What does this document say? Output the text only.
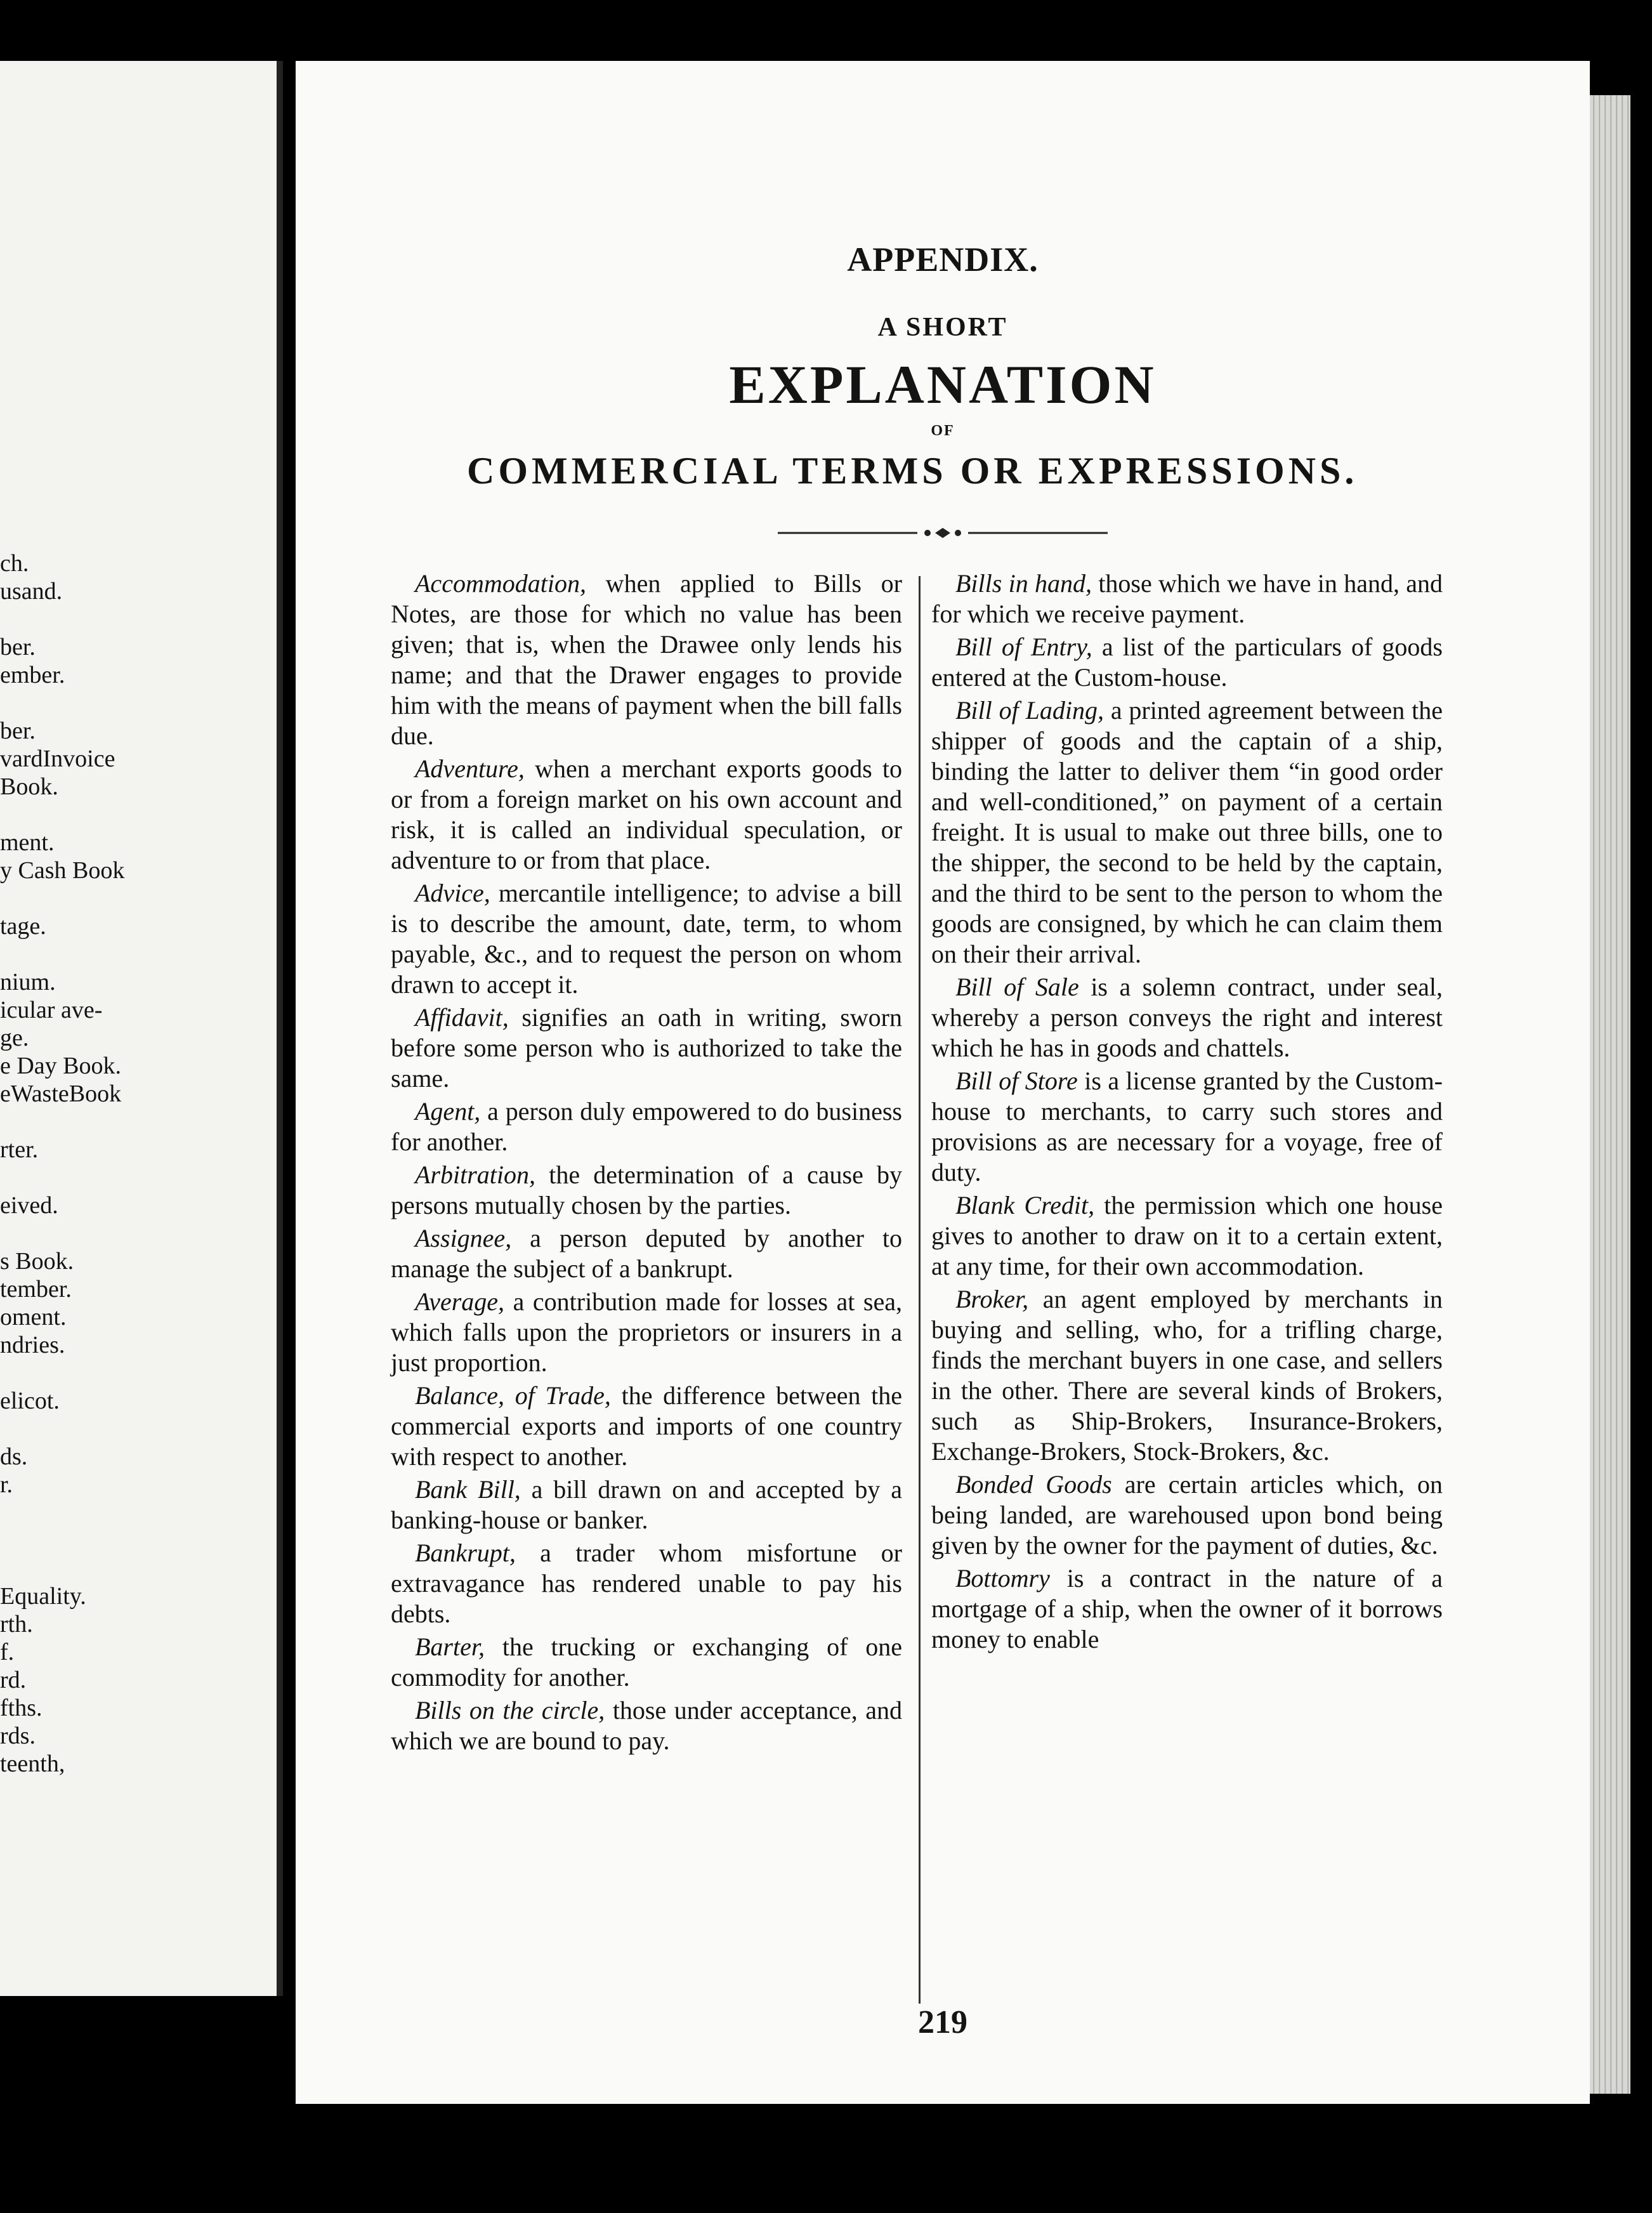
ch.
usand.
ber.
ember.
ber.
vardInvoice
Book.
ment.
y Cash Book
tage.
nium.
icular ave-
ge.
e Day Book.
eWasteBook
rter.
eived.
s Book.
tember.
oment.
ndries.
elicot.
ds.
r.
Equality.
rth.
f.
rd.
fths.
rds.
teenth,
APPENDIX.
A SHORT
EXPLANATION
OF
COMMERCIAL TERMS OR EXPRESSIONS.

Accommodation, when applied to Bills or Notes, are those for which no value has been given; that is, when the Drawee only lends his name; and that the Drawer engages to provide him with the means of payment when the bill falls due.

Adventure, when a merchant exports goods to or from a foreign market on his own account and risk, it is called an individual speculation, or adventure to or from that place.

Advice, mercantile intelligence; to advise a bill is to describe the amount, date, term, to whom payable, &c., and to request the person on whom drawn to accept it.

Affidavit, signifies an oath in writing, sworn before some person who is authorized to take the same.

Agent, a person duly empowered to do business for another.

Arbitration, the determination of a cause by persons mutually chosen by the parties.

Assignee, a person deputed by another to manage the subject of a bankrupt.

Average, a contribution made for losses at sea, which falls upon the proprietors or insurers in a just proportion.

Balance, of Trade, the difference between the commercial exports and imports of one country with respect to another.

Bank Bill, a bill drawn on and accepted by a banking-house or banker.

Bankrupt, a trader whom misfortune or extravagance has rendered unable to pay his debts.

Barter, the trucking or exchanging of one commodity for another.

Bills on the circle, those under acceptance, and which we are bound to pay.

Bills in hand, those which we have in hand, and for which we receive payment.

Bill of Entry, a list of the particulars of goods entered at the Custom-house.

Bill of Lading, a printed agreement between the shipper of goods and the captain of a ship, binding the latter to deliver them “in good order and well-conditioned,” on payment of a certain freight. It is usual to make out three bills, one to the shipper, the second to be held by the captain, and the third to be sent to the person to whom the goods are consigned, by which he can claim them on their their arrival.

Bill of Sale is a solemn contract, under seal, whereby a person conveys the right and interest which he has in goods and chattels.

Bill of Store is a license granted by the Custom-house to merchants, to carry such stores and provisions as are necessary for a voyage, free of duty.

Blank Credit, the permission which one house gives to another to draw on it to a certain extent, at any time, for their own accommodation.

Broker, an agent employed by merchants in buying and selling, who, for a trifling charge, finds the merchant buyers in one case, and sellers in the other. There are several kinds of Brokers, such as Ship-Brokers, Insurance-Brokers, Exchange-Brokers, Stock-Brokers, &c.

Bonded Goods are certain articles which, on being landed, are warehoused upon bond being given by the owner for the payment of duties, &c.

Bottomry is a contract in the nature of a mortgage of a ship, when the owner of it borrows money to enable

219
